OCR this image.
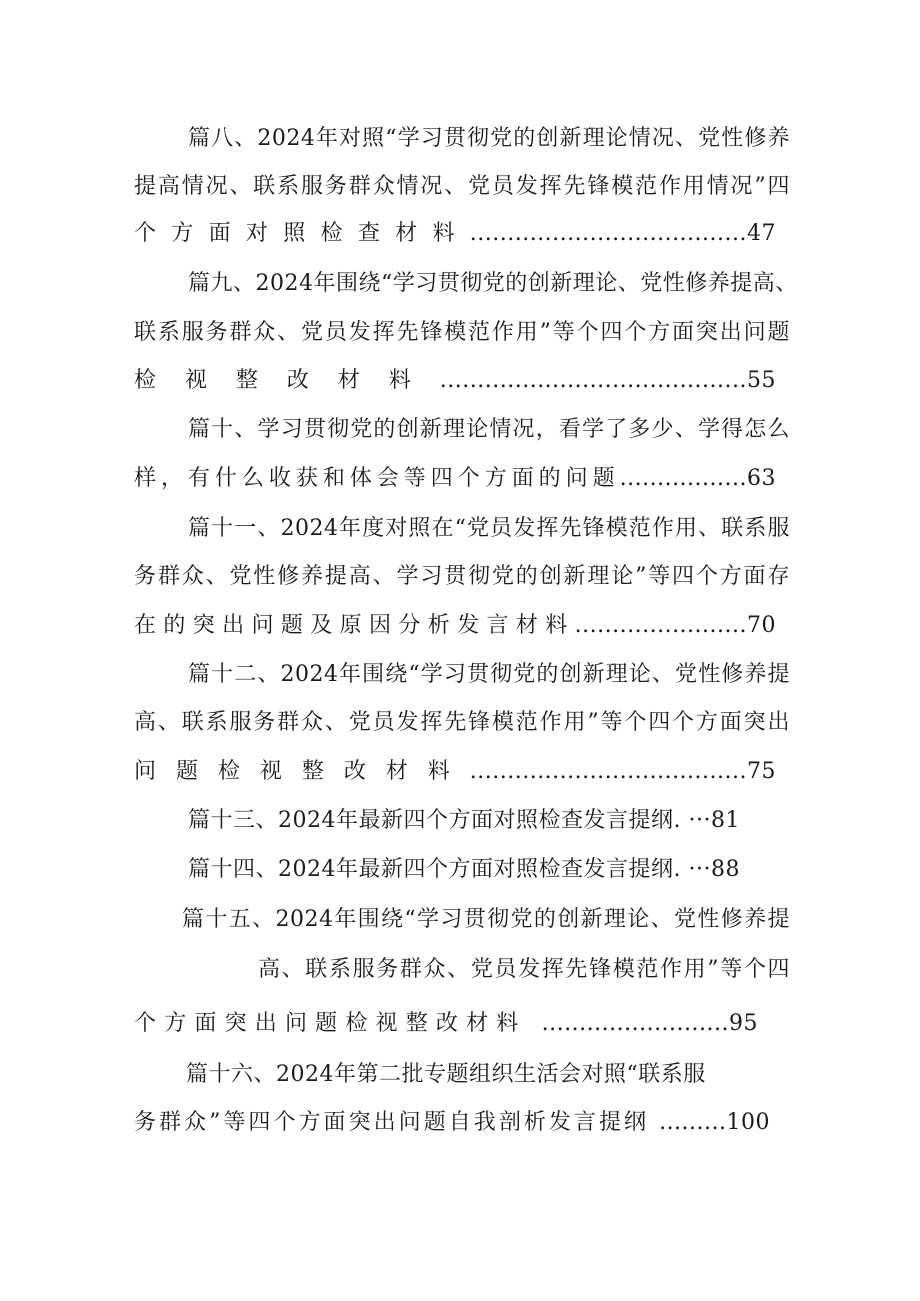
篇八、2024年对照“学习贯彻党的创新理论情况、党性修养
提高情况、联系服务群众情况、党员发挥先锋模范作用情况”四
个方面对照检查材料.....................................47
篇九、2024年围绕“学习贯彻党的创新理论、党性修养提高、
联系服务群众、党员发挥先锋模范作用”等个四个方面突出问题
检视整改材料.........................................55
篇十、学习贯彻党的创新理论情况，看学了多少、学得怎么
样，有什么收获和体会等四个方面的问题.................63
篇十一、2024年度对照在“党员发挥先锋模范作用、联系服
务群众、党性修养提高、学习贯彻党的创新理论”等四个方面存
在的突出问题及原因分析发言材料.......................70
篇十二、2024年围绕“学习贯彻党的创新理论、党性修养提
高、联系服务群众、党员发挥先锋模范作用”等个四个方面突出
问题检视整改材料.....................................75
篇十三、2024年最新四个方面对照检查发言提纲. ···81
篇十四、2024年最新四个方面对照检查发言提纲. ···88
篇十五、2024年围绕“学习贯彻党的创新理论、党性修养提
高、联系服务群众、党员发挥先锋模范作用”等个四
个方面突出问题检视整改材料 .........................95
篇十六、2024年第二批专题组织生活会对照“联系服
务群众”等四个方面突出问题自我剖析发言提纲 .........100
